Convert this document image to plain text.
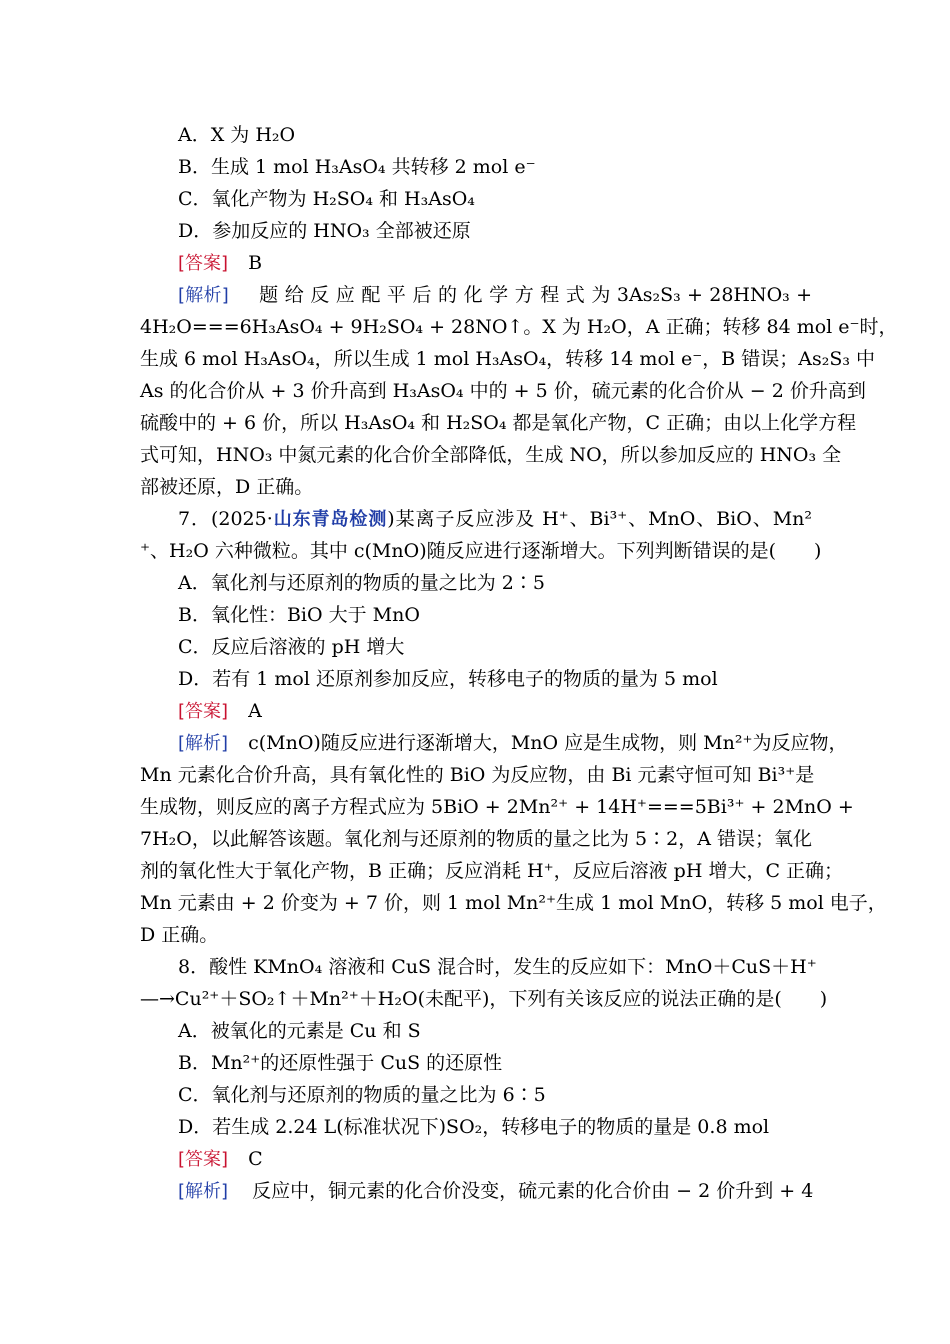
A．X 为 H₂O
B．生成 1 mol H₃AsO₄ 共转移 2 mol e⁻
C．氧化产物为 H₂SO₄ 和 H₃AsO₄
D．参加反应的 HNO₃ 全部被还原
[答案] B
[解析] 题 给 反 应 配 平 后 的 化 学 方 程 式 为 3As₂S₃ + 28HNO₃ +
4H₂O===6H₃AsO₄ + 9H₂SO₄ + 28NO↑。X 为 H₂O，A 正确；转移 84 mol e⁻时，
生成 6 mol H₃AsO₄，所以生成 1 mol H₃AsO₄，转移 14 mol e⁻，B 错误；As₂S₃ 中
As 的化合价从 + 3 价升高到 H₃AsO₄ 中的 + 5 价，硫元素的化合价从 − 2 价升高到
硫酸中的 + 6 价，所以 H₃AsO₄ 和 H₂SO₄ 都是氧化产物，C 正确；由以上化学方程
式可知，HNO₃ 中氮元素的化合价全部降低，生成 NO，所以参加反应的 HNO₃ 全
部被还原，D 正确。
7．(2025·山东青岛检测)某离子反应涉及 H⁺、Bi³⁺、MnO、BiO、Mn²
⁺、H₂O 六种微粒。其中 c(MnO)随反应进行逐渐增大。下列判断错误的是(　　)
A．氧化剂与还原剂的物质的量之比为 2∶5
B．氧化性：BiO 大于 MnO
C．反应后溶液的 pH 增大
D．若有 1 mol 还原剂参加反应，转移电子的物质的量为 5 mol
[答案] A
[解析] c(MnO)随反应进行逐渐增大，MnO 应是生成物，则 Mn²⁺为反应物，
Mn 元素化合价升高，具有氧化性的 BiO 为反应物，由 Bi 元素守恒可知 Bi³⁺是
生成物，则反应的离子方程式应为 5BiO + 2Mn²⁺ + 14H⁺===5Bi³⁺ + 2MnO +
7H₂O，以此解答该题。氧化剂与还原剂的物质的量之比为 5∶2，A 错误；氧化
剂的氧化性大于氧化产物，B 正确；反应消耗 H⁺，反应后溶液 pH 增大，C 正确；
Mn 元素由 + 2 价变为 + 7 价，则 1 mol Mn²⁺生成 1 mol MnO，转移 5 mol 电子，
D 正确。
8．酸性 KMnO₄ 溶液和 CuS 混合时，发生的反应如下：MnO＋CuS＋H⁺
—→Cu²⁺＋SO₂↑＋Mn²⁺＋H₂O(未配平)，下列有关该反应的说法正确的是(　　)
A．被氧化的元素是 Cu 和 S
B．Mn²⁺的还原性强于 CuS 的还原性
C．氧化剂与还原剂的物质的量之比为 6∶5
D．若生成 2.24 L(标准状况下)SO₂，转移电子的物质的量是 0.8 mol
[答案] C
[解析] 反应中，铜元素的化合价没变，硫元素的化合价由 − 2 价升到 + 4
